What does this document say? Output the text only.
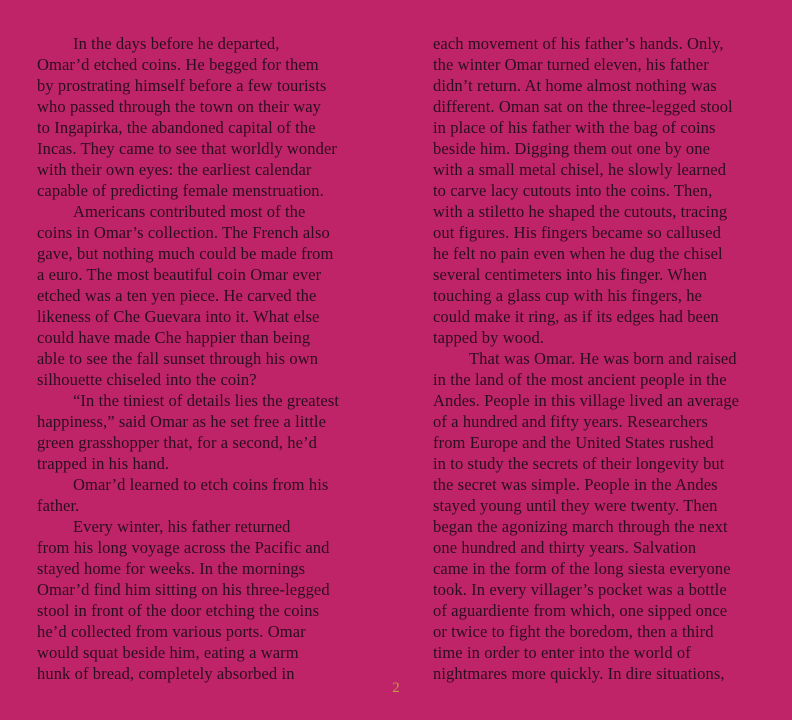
In the days before he departed,
Omar’d etched coins. He begged for them
by prostrating himself before a few tourists
who passed through the town on their way
to Ingapirka, the abandoned capital of the
Incas. They came to see that worldly wonder
with their own eyes: the earliest calendar
capable of predicting female menstruation.
Americans contributed most of the
coins in Omar’s collection. The French also
gave, but nothing much could be made from
a euro. The most beautiful coin Omar ever
etched was a ten yen piece. He carved the
likeness of Che Guevara into it. What else
could have made Che happier than being
able to see the fall sunset through his own
silhouette chiseled into the coin?
“In the tiniest of details lies the greatest
happiness,” said Omar as he set free a little
green grasshopper that, for a second, he’d
trapped in his hand.
Omar’d learned to etch coins from his
father.
Every winter, his father returned
from his long voyage across the Pacific and
stayed home for weeks. In the mornings
Omar’d find him sitting on his three-legged
stool in front of the door etching the coins
he’d collected from various ports. Omar
would squat beside him, eating a warm
hunk of bread, completely absorbed in
each movement of his father’s hands. Only,
the winter Omar turned eleven, his father
didn’t return. At home almost nothing was
different. Oman sat on the three-legged stool
in place of his father with the bag of coins
beside him. Digging them out one by one
with a small metal chisel, he slowly learned
to carve lacy cutouts into the coins. Then,
with a stiletto he shaped the cutouts, tracing
out figures. His fingers became so callused
he felt no pain even when he dug the chisel
several centimeters into his finger. When
touching a glass cup with his fingers, he
could make it ring, as if its edges had been
tapped by wood.
That was Omar. He was born and raised
in the land of the most ancient people in the
Andes. People in this village lived an average
of a hundred and fifty years. Researchers
from Europe and the United States rushed
in to study the secrets of their longevity but
the secret was simple. People in the Andes
stayed young until they were twenty. Then
began the agonizing march through the next
one hundred and thirty years. Salvation
came in the form of the long siesta everyone
took. In every villager’s pocket was a bottle
of aguardiente from which, one sipped once
or twice to fight the boredom, then a third
time in order to enter into the world of
nightmares more quickly. In dire situations,
2
